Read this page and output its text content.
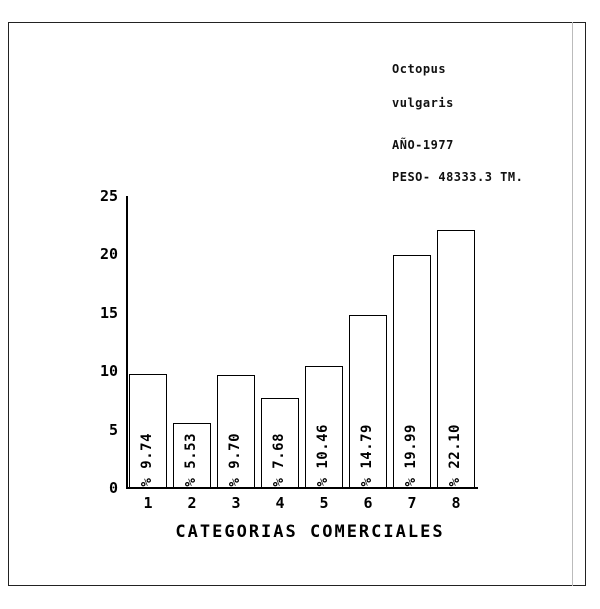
Octopus
vulgaris
AÑO-1977
PESO- 48333.3 TM.
0
5
10
15
20
25
% 9.74 % 5.53 % 9.70 % 7.68 % 10.46 % 14.79 % 19.99 % 22.10
1	2	3	4	5	6	7	8
CATEGORIAS COMERCIALES
